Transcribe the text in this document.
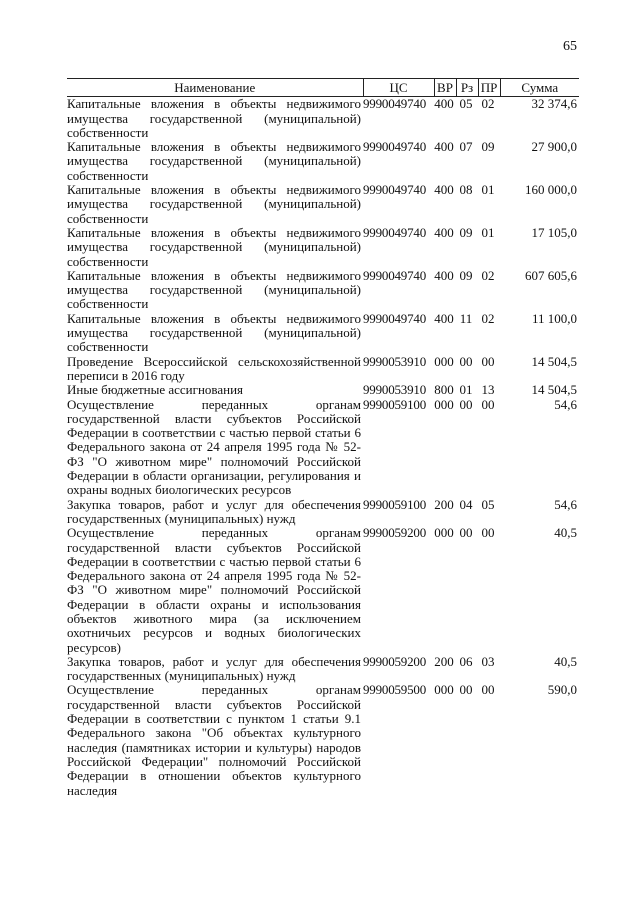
65
Наименование	ЦС	ВР	Рз	ПР	Сумма
Капитальные вложения в объекты недвижимого имущества государственной (муниципальной) собственности	9990049740	400	05	02	32 374,6
Капитальные вложения в объекты недвижимого имущества государственной (муниципальной) собственности	9990049740	400	07	09	27 900,0
Капитальные вложения в объекты недвижимого имущества государственной (муниципальной) собственности	9990049740	400	08	01	160 000,0
Капитальные вложения в объекты недвижимого имущества государственной (муниципальной) собственности	9990049740	400	09	01	17 105,0
Капитальные вложения в объекты недвижимого имущества государственной (муниципальной) собственности	9990049740	400	09	02	607 605,6
Капитальные вложения в объекты недвижимого имущества государственной (муниципальной) собственности	9990049740	400	11	02	11 100,0
Проведение Всероссийской сельскохозяйственной переписи в 2016 году	9990053910	000	00	00	14 504,5
Иные бюджетные ассигнования	9990053910	800	01	13	14 504,5
Осуществление переданных органам государственной власти субъектов Российской Федерации в соответствии с частью первой статьи 6 Федерального закона от 24 апреля 1995 года № 52-ФЗ "О животном мире" полномочий Российской Федерации в области организации, регулирования и охраны водных биологических ресурсов	9990059100	000	00	00	54,6
Закупка товаров, работ и услуг для обеспечения государственных (муниципальных) нужд	9990059100	200	04	05	54,6
Осуществление переданных органам государственной власти субъектов Российской Федерации в соответствии с частью первой статьи 6 Федерального закона от 24 апреля 1995 года № 52-ФЗ "О животном мире" полномочий Российской Федерации в области охраны и использования объектов животного мира (за исключением охотничьих ресурсов и водных биологических ресурсов)	9990059200	000	00	00	40,5
Закупка товаров, работ и услуг для обеспечения государственных (муниципальных) нужд	9990059200	200	06	03	40,5
Осуществление переданных органам государственной власти субъектов Российской Федерации в соответствии с пунктом 1 статьи 9.1 Федерального закона "Об объектах культурного наследия (памятниках истории и культуры) народов Российской Федерации" полномочий Российской Федерации в отношении объектов культурного наследия	9990059500	000	00	00	590,0
